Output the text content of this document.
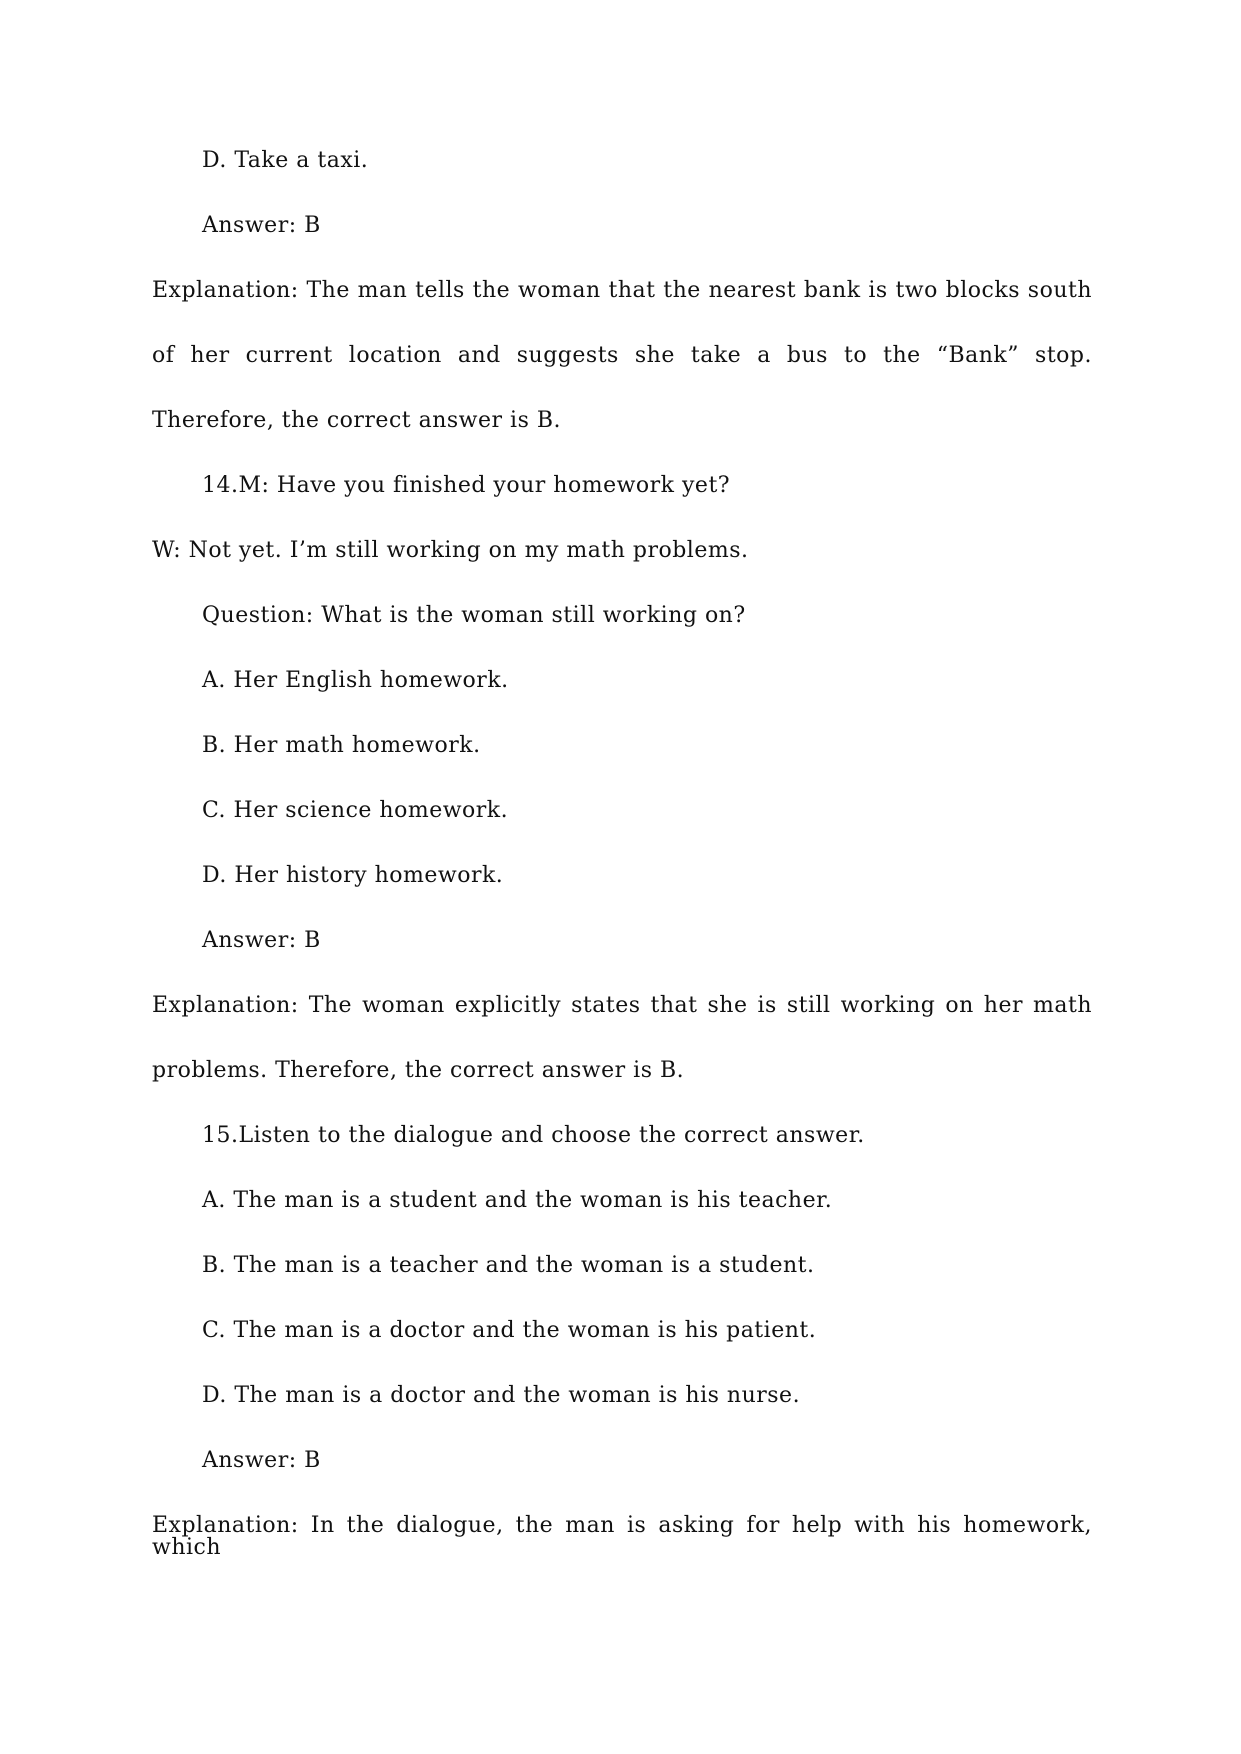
D. Take a taxi.
Answer: B
Explanation: The man tells the woman that the nearest bank is two blocks south
of her current location and suggests she take a bus to the “Bank” stop.
Therefore, the correct answer is B.
14.M: Have you finished your homework yet?
W: Not yet. I’m still working on my math problems.
Question: What is the woman still working on?
A. Her English homework.
B. Her math homework.
C. Her science homework.
D. Her history homework.
Answer: B
Explanation: The woman explicitly states that she is still working on her math
problems. Therefore, the correct answer is B.
15.Listen to the dialogue and choose the correct answer.
A. The man is a student and the woman is his teacher.
B. The man is a teacher and the woman is a student.
C. The man is a doctor and the woman is his patient.
D. The man is a doctor and the woman is his nurse.
Answer: B
Explanation: In the dialogue, the man is asking for help with his homework, which
